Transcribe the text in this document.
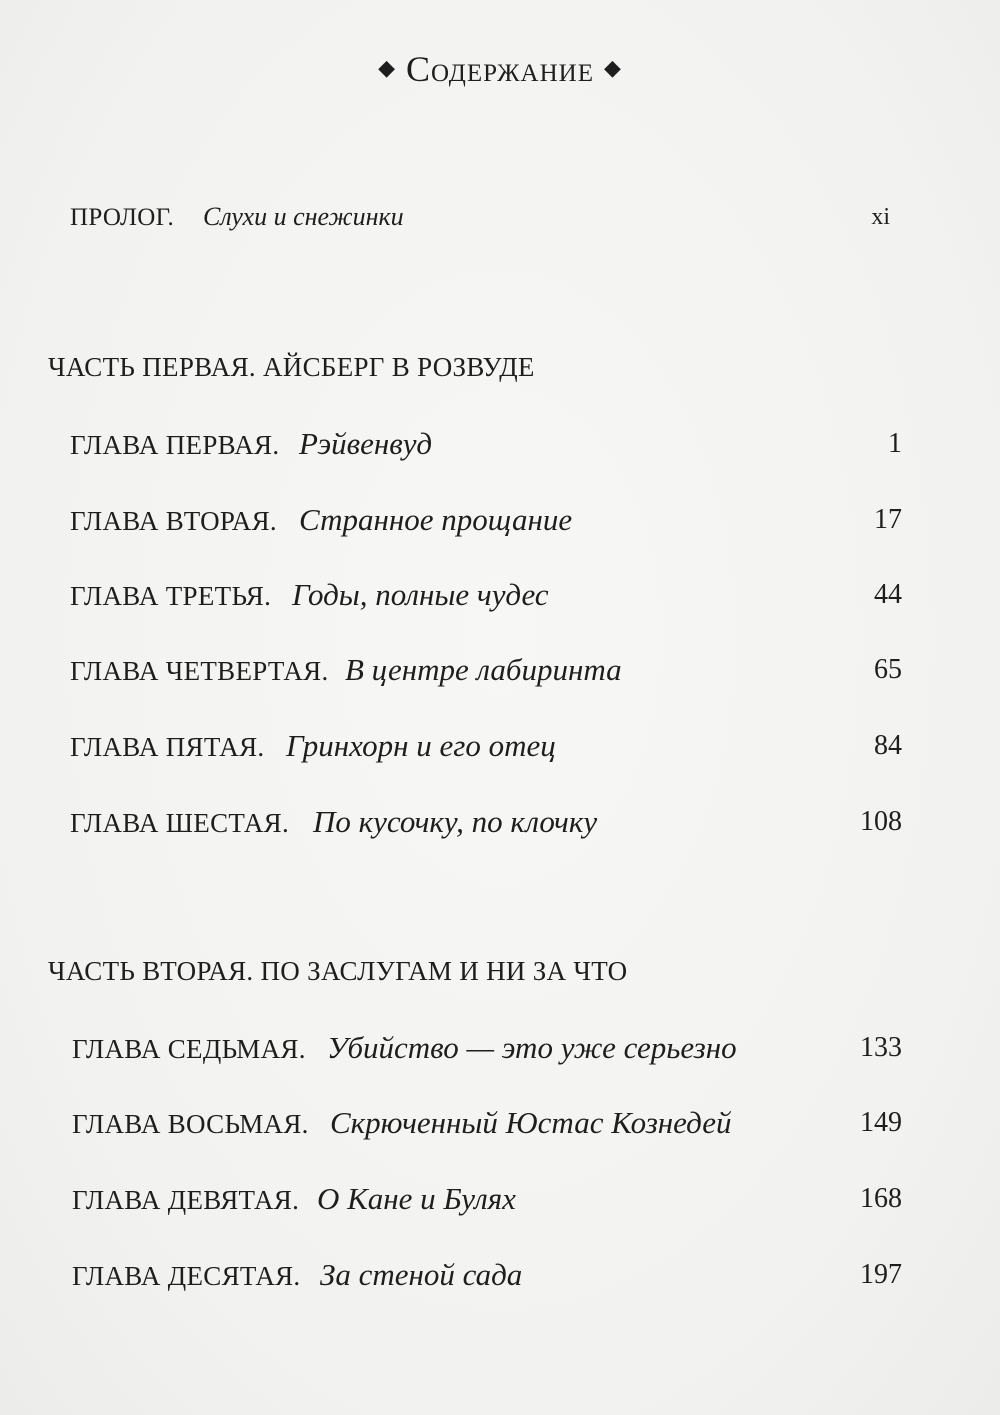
◆ Содержание ◆
ПРОЛОГ. Слухи и снежинки	xi
ЧАСТЬ ПЕРВАЯ. АЙСБЕРГ В РОЗВУДЕ
ГЛАВА ПЕРВАЯ. Рэйвенвуд	1
ГЛАВА ВТОРАЯ. Странное прощание	17
ГЛАВА ТРЕТЬЯ. Годы, полные чудес	44
ГЛАВА ЧЕТВЕРТАЯ. В центре лабиринта	65
ГЛАВА ПЯТАЯ. Гринхорн и его отец	84
ГЛАВА ШЕСТАЯ. По кусочку, по клочку	108
ЧАСТЬ ВТОРАЯ. ПО ЗАСЛУГАМ И НИ ЗА ЧТО
ГЛАВА СЕДЬМАЯ. Убийство — это уже серьезно	133
ГЛАВА ВОСЬМАЯ. Скрюченный Юстас Кознедей	149
ГЛАВА ДЕВЯТАЯ. О Кане и Булях	168
ГЛАВА ДЕСЯТАЯ. За стеной сада	197
